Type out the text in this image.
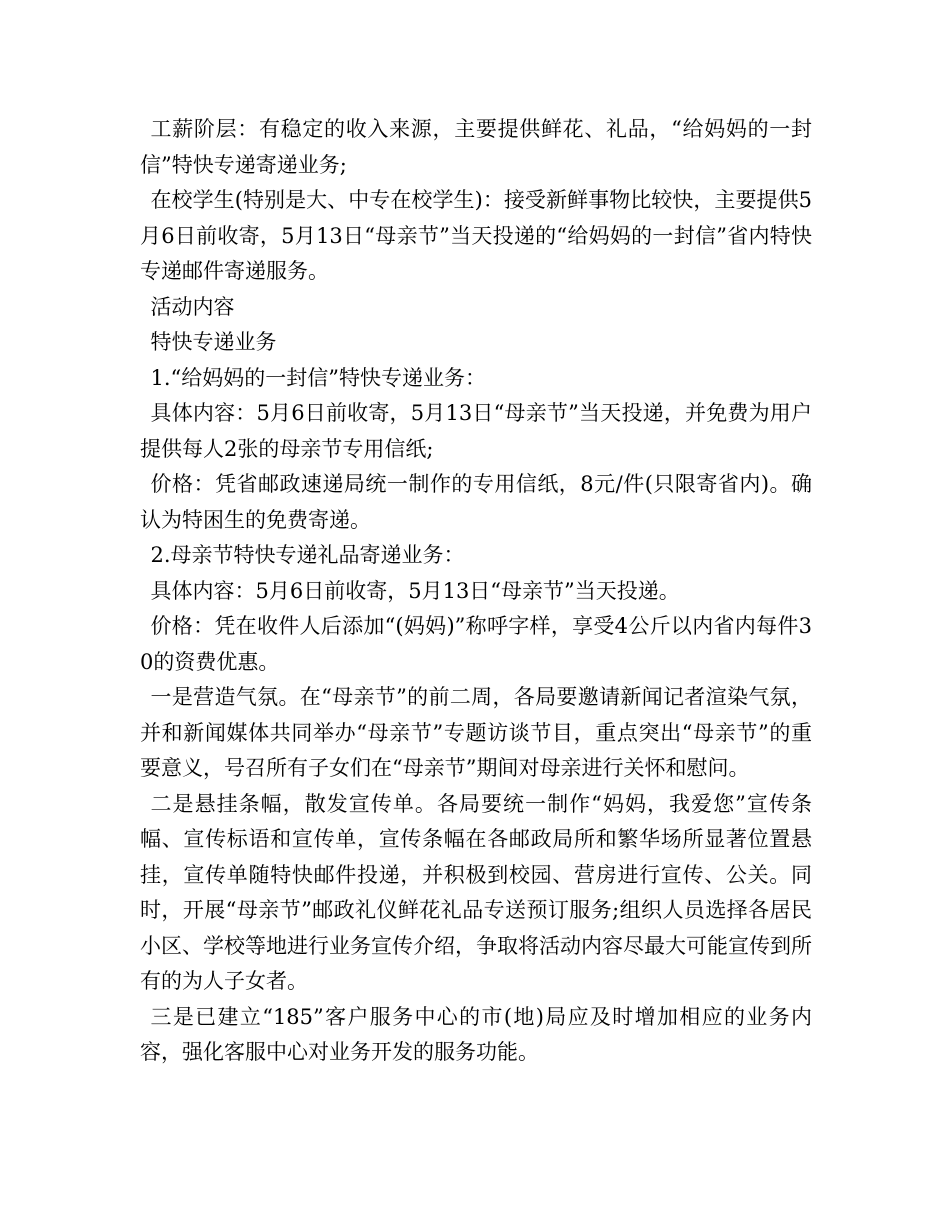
工薪阶层：有稳定的收入来源，主要提供鲜花、礼品，“给妈妈的一封信”特快专递寄递业务;

在校学生(特别是大、中专在校学生)：接受新鲜事物比较快，主要提供5月6日前收寄，5月13日“母亲节”当天投递的“给妈妈的一封信”省内特快专递邮件寄递服务。

活动内容

特快专递业务

1.“给妈妈的一封信”特快专递业务：

具体内容：5月6日前收寄，5月13日“母亲节”当天投递，并免费为用户提供每人2张的母亲节专用信纸;

价格：凭省邮政速递局统一制作的专用信纸，8元/件(只限寄省内)。确认为特困生的免费寄递。

2.母亲节特快专递礼品寄递业务：

具体内容：5月6日前收寄，5月13日“母亲节”当天投递。

价格：凭在收件人后添加“(妈妈)”称呼字样，享受4公斤以内省内每件30的资费优惠。

一是营造气氛。在“母亲节”的前二周，各局要邀请新闻记者渲染气氛，并和新闻媒体共同举办“母亲节”专题访谈节目，重点突出“母亲节”的重要意义，号召所有子女们在“母亲节”期间对母亲进行关怀和慰问。

二是悬挂条幅，散发宣传单。各局要统一制作“妈妈，我爱您”宣传条幅、宣传标语和宣传单，宣传条幅在各邮政局所和繁华场所显著位置悬挂，宣传单随特快邮件投递，并积极到校园、营房进行宣传、公关。同时，开展“母亲节”邮政礼仪鲜花礼品专送预订服务;组织人员选择各居民小区、学校等地进行业务宣传介绍，争取将活动内容尽最大可能宣传到所有的为人子女者。

三是已建立“185”客户服务中心的市(地)局应及时增加相应的业务内容，强化客服中心对业务开发的服务功能。
